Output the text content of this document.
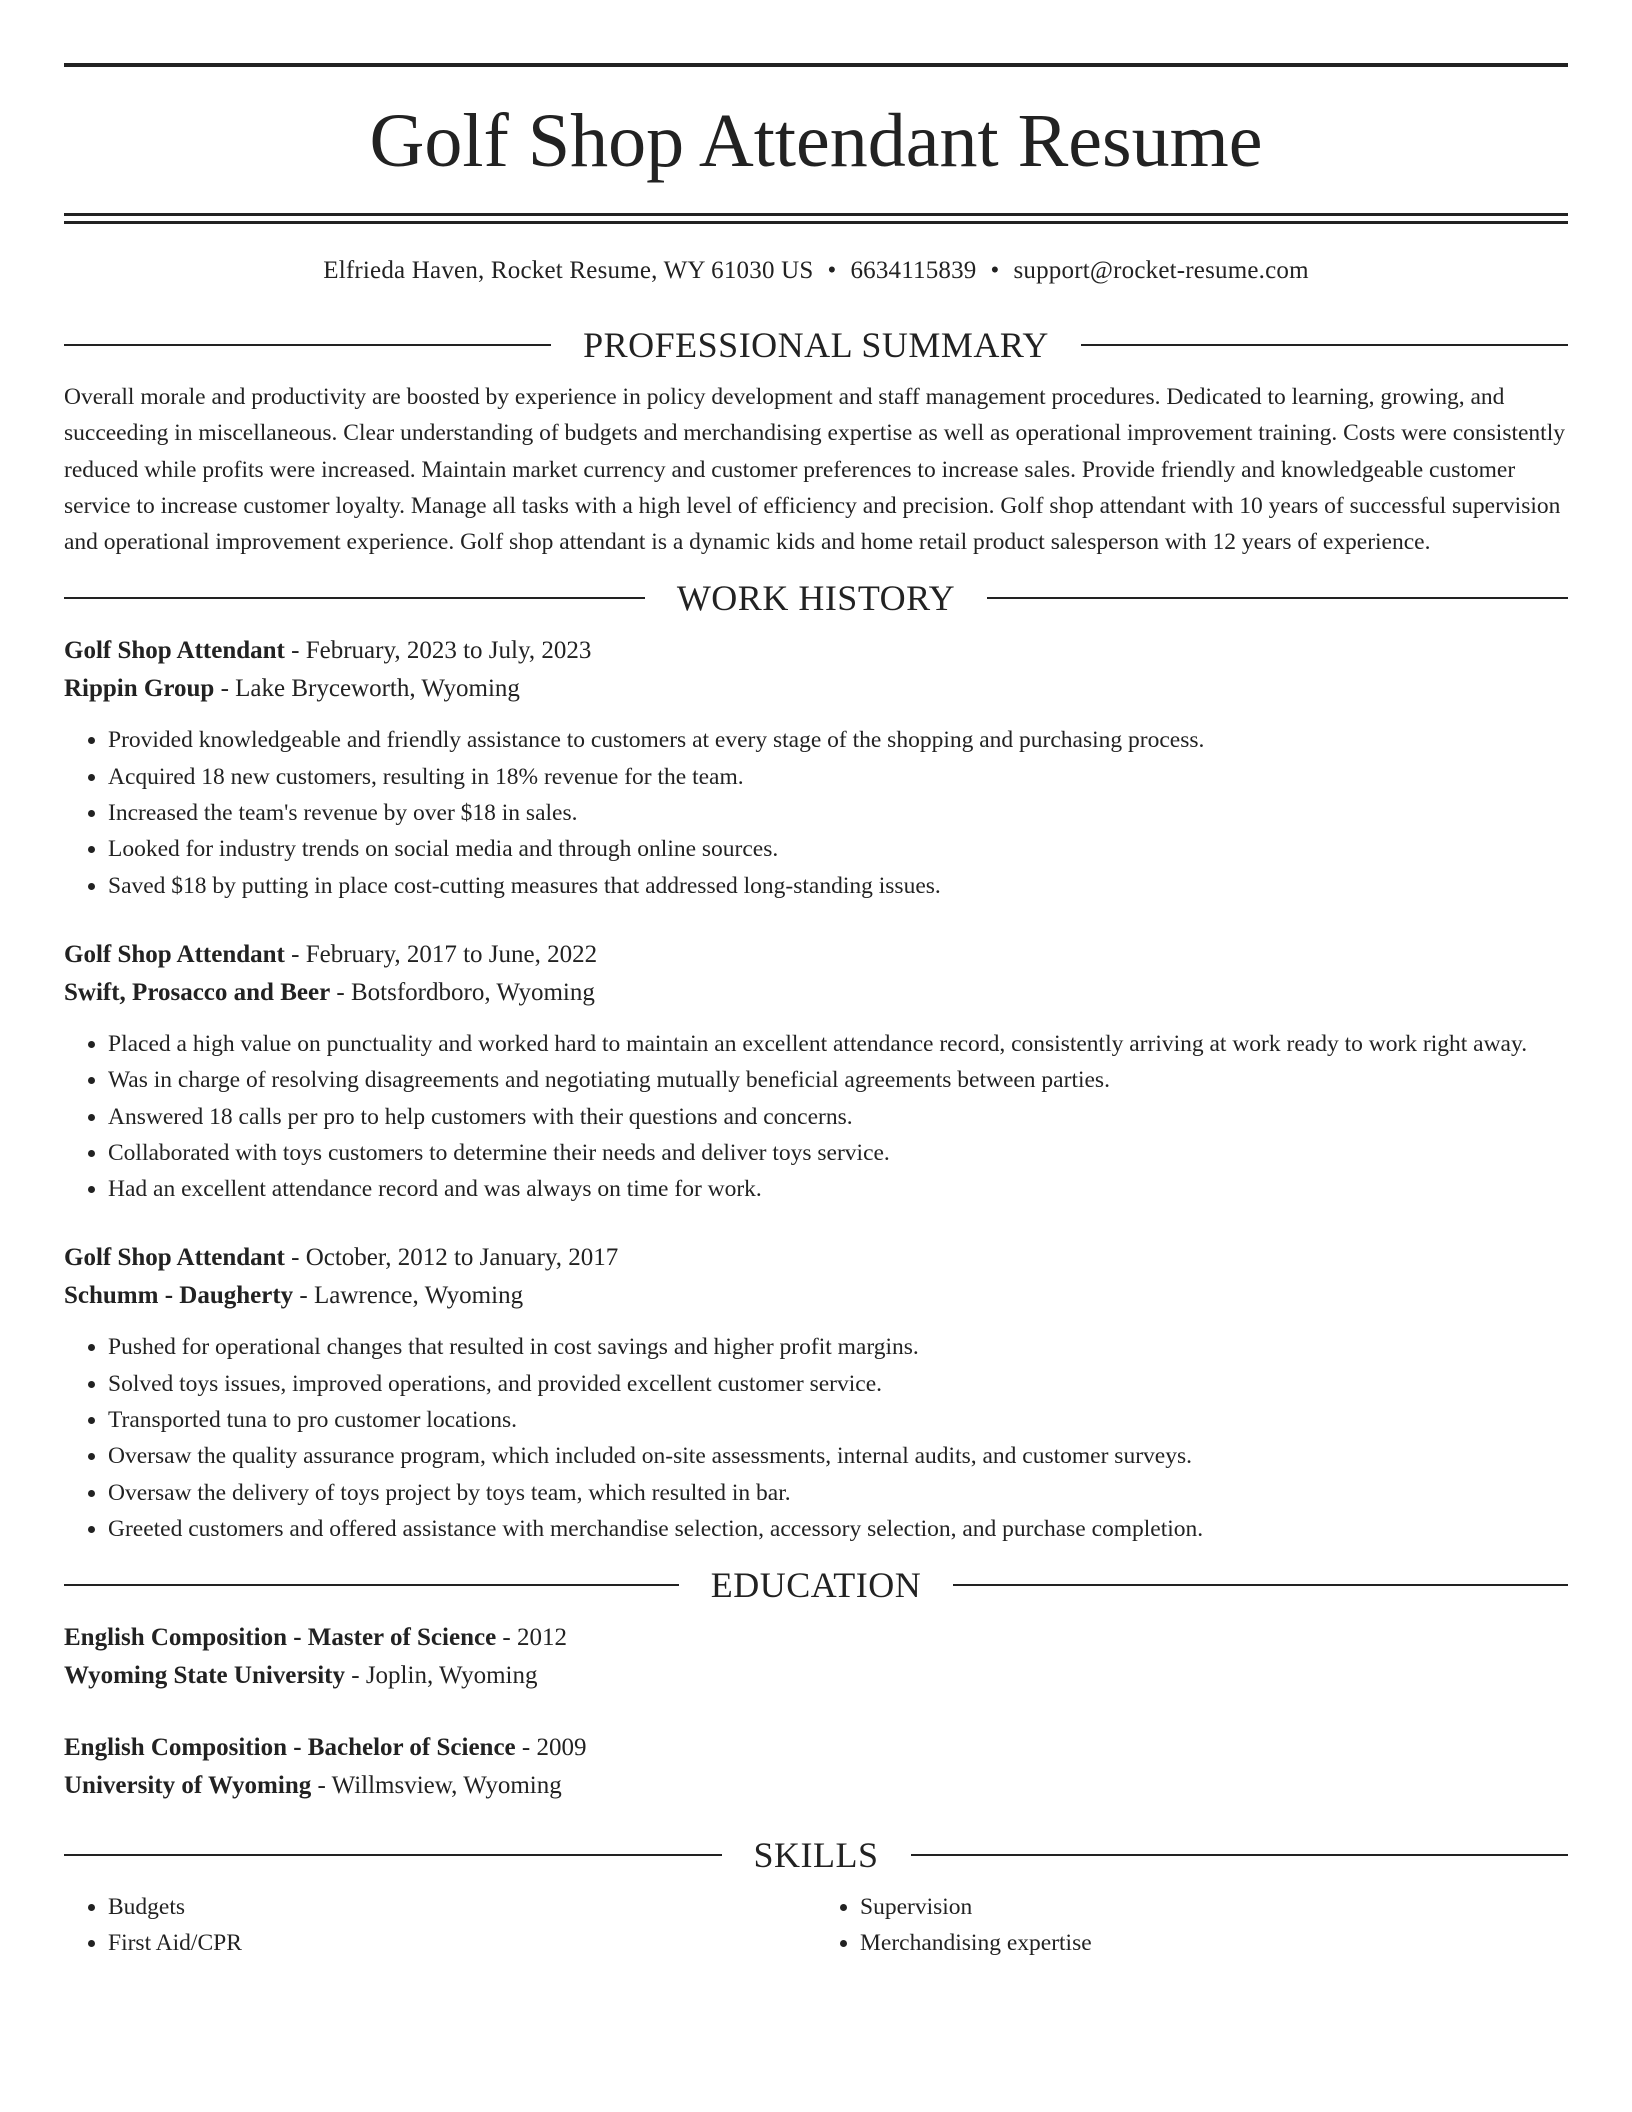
Golf Shop Attendant Resume
Elfrieda Haven, Rocket Resume, WY 61030 US • 6634115839 • support@rocket-resume.com
PROFESSIONAL SUMMARY

Overall morale and productivity are boosted by experience in policy development and staff management procedures. Dedicated to learning, growing, and succeeding in miscellaneous. Clear understanding of budgets and merchandising expertise as well as operational improvement training. Costs were consistently reduced while profits were increased. Maintain market currency and customer preferences to increase sales. Provide friendly and knowledgeable customer service to increase customer loyalty. Manage all tasks with a high level of efficiency and precision. Golf shop attendant with 10 years of successful supervision and operational improvement experience. Golf shop attendant is a dynamic kids and home retail product salesperson with 12 years of experience.

WORK HISTORY
Golf Shop Attendant - February, 2023 to July, 2023
Rippin Group - Lake Bryceworth, Wyoming
• Provided knowledgeable and friendly assistance to customers at every stage of the shopping and purchasing process.
• Acquired 18 new customers, resulting in 18% revenue for the team.
• Increased the team's revenue by over $18 in sales.
• Looked for industry trends on social media and through online sources.
• Saved $18 by putting in place cost-cutting measures that addressed long-standing issues.
Golf Shop Attendant - February, 2017 to June, 2022
Swift, Prosacco and Beer - Botsfordboro, Wyoming
• Placed a high value on punctuality and worked hard to maintain an excellent attendance record, consistently arriving at work ready to work right away.
• Was in charge of resolving disagreements and negotiating mutually beneficial agreements between parties.
• Answered 18 calls per pro to help customers with their questions and concerns.
• Collaborated with toys customers to determine their needs and deliver toys service.
• Had an excellent attendance record and was always on time for work.
Golf Shop Attendant - October, 2012 to January, 2017
Schumm - Daugherty - Lawrence, Wyoming
• Pushed for operational changes that resulted in cost savings and higher profit margins.
• Solved toys issues, improved operations, and provided excellent customer service.
• Transported tuna to pro customer locations.
• Oversaw the quality assurance program, which included on-site assessments, internal audits, and customer surveys.
• Oversaw the delivery of toys project by toys team, which resulted in bar.
• Greeted customers and offered assistance with merchandise selection, accessory selection, and purchase completion.
EDUCATION
English Composition - Master of Science - 2012
Wyoming State University - Joplin, Wyoming
English Composition - Bachelor of Science - 2009
University of Wyoming - Willmsview, Wyoming
SKILLS
• Budgets
• First Aid/CPR
• Supervision
• Merchandising expertise
